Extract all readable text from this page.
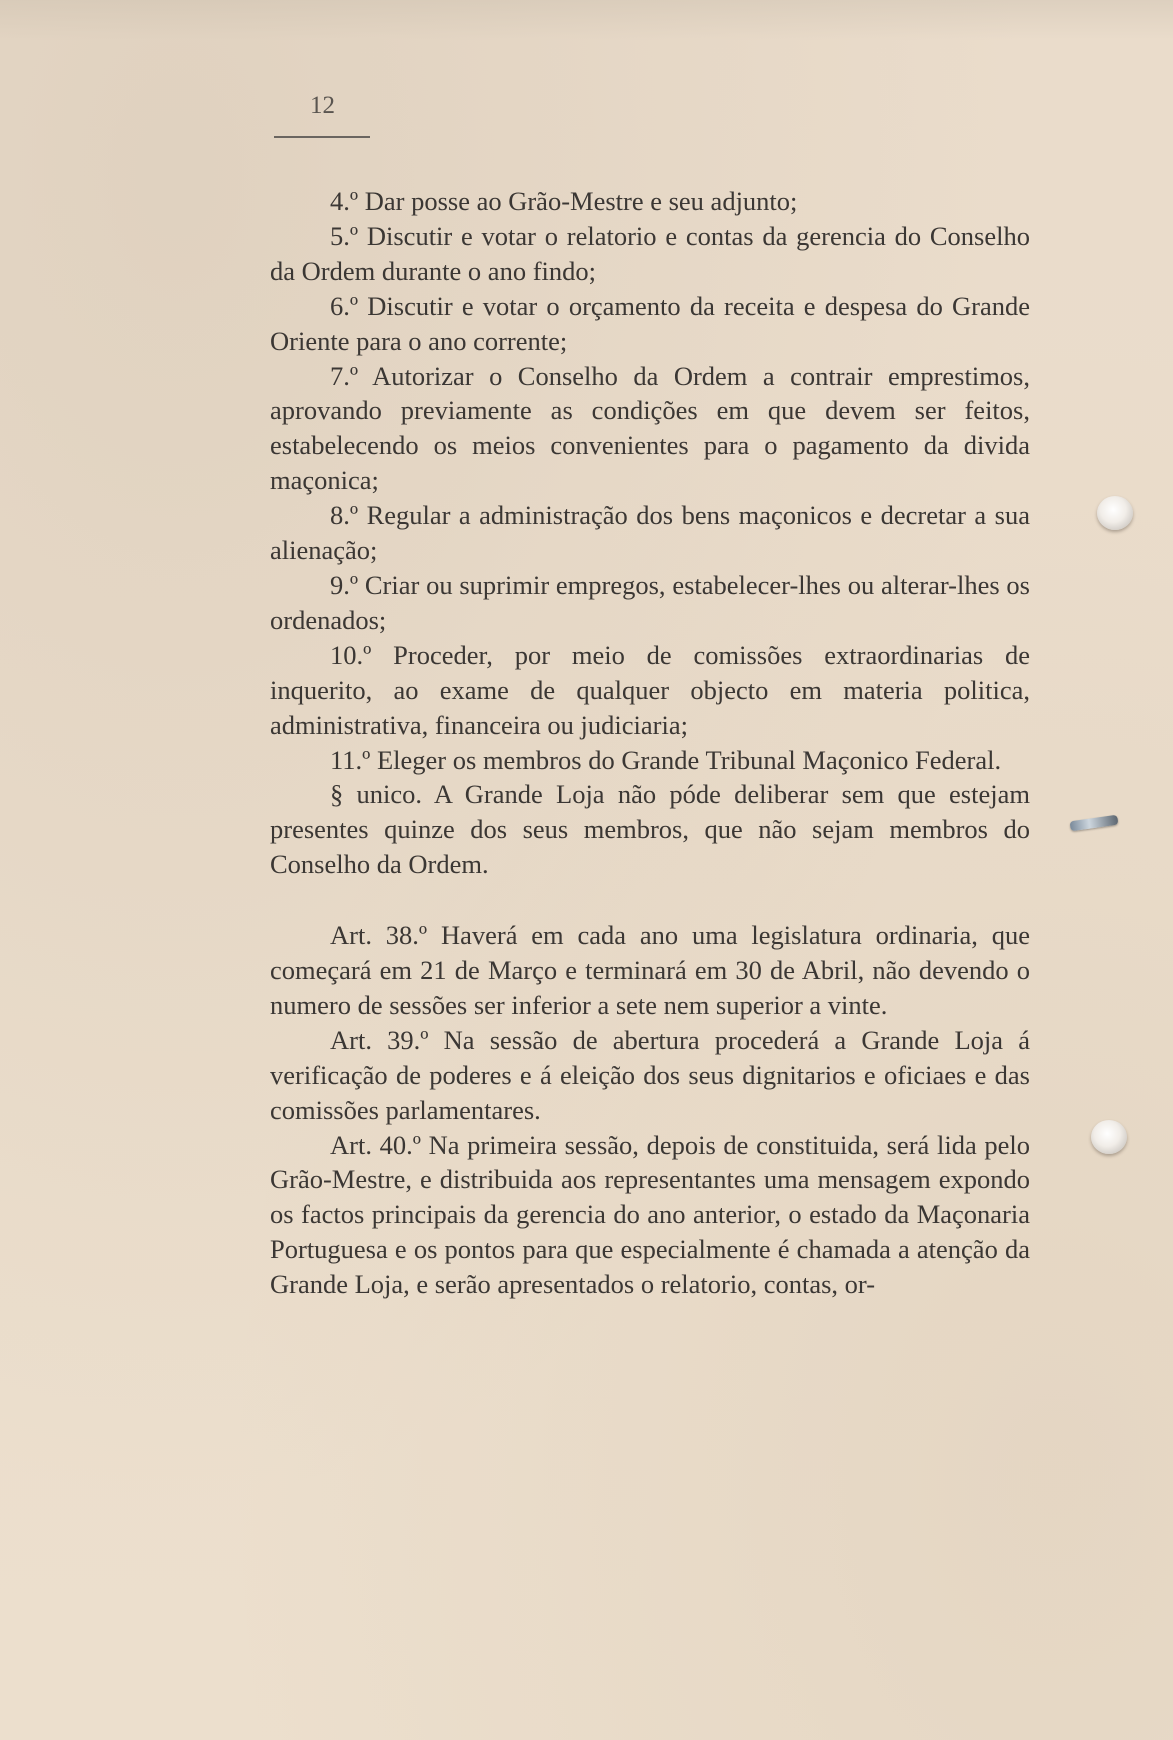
12

4.º Dar posse ao Grão-Mestre e seu adjunto;

5.º Discutir e votar o relatorio e contas da gerencia do Conselho da Ordem durante o ano findo;

6.º Discutir e votar o orçamento da receita e despesa do Grande Oriente para o ano corrente;

7.º Autorizar o Conselho da Ordem a contrair emprestimos, aprovando previamente as condições em que devem ser feitos, estabelecendo os meios convenientes para o pagamento da divida maçonica;

8.º Regular a administração dos bens maçonicos e decretar a sua alienação;

9.º Criar ou suprimir empregos, estabelecer-lhes ou alterar-lhes os ordenados;

10.º Proceder, por meio de comissões extraordinarias de inquerito, ao exame de qualquer objecto em materia politica, administrativa, financeira ou judiciaria;

11.º Eleger os membros do Grande Tribunal Maçonico Federal.

§ unico. A Grande Loja não póde deliberar sem que estejam presentes quinze dos seus membros, que não sejam membros do Conselho da Ordem.

Art. 38.º Haverá em cada ano uma legislatura ordinaria, que começará em 21 de Março e terminará em 30 de Abril, não devendo o numero de sessões ser inferior a sete nem superior a vinte.

Art. 39.º Na sessão de abertura procederá a Grande Loja á verificação de poderes e á eleição dos seus dignitarios e oficiaes e das comissões parlamentares.

Art. 40.º Na primeira sessão, depois de constituida, será lida pelo Grão-Mestre, e distribuida aos representantes uma mensagem expondo os factos principais da gerencia do ano anterior, o estado da Maçonaria Portuguesa e os pontos para que especialmente é chamada a atenção da Grande Loja, e serão apresentados o relatorio, contas, or-
